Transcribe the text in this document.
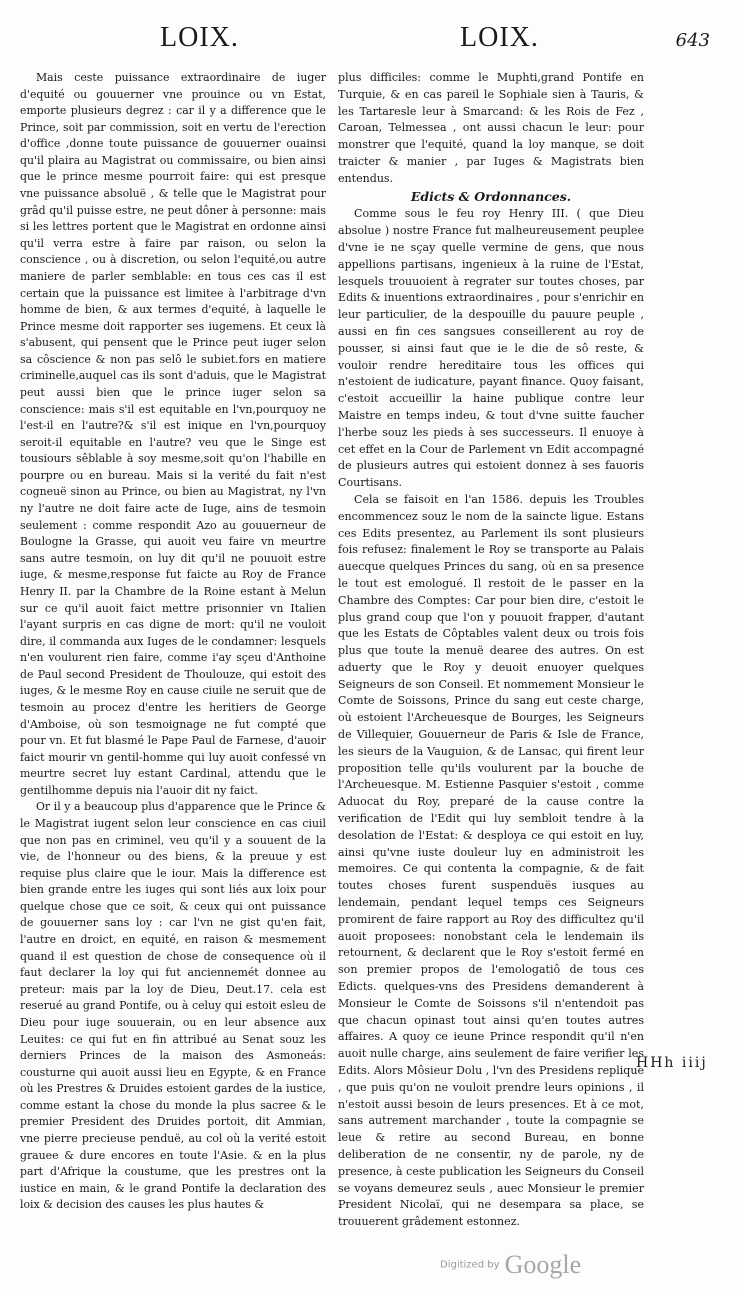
LOIX.	LOIX.	643

Mais ceste puissance extraordinaire de iuger d'equité ou gouuerner vne prouince ou vn Estat, emporte plusieurs degrez : car il y a difference que le Prince, soit par commission, soit en vertu de l'erection d'office ,donne toute puissance de gouuerner ouainsi qu'il plaira au Magistrat ou commissaire, ou bien ainsi que le prince mesme pourroit faire: qui est presque vne puissance absoluë , & telle que le Magistrat pour grâd qu'il puisse estre, ne peut dôner à personne: mais si les lettres portent que le Magistrat en ordonne ainsi qu'il verra estre à faire par raison, ou selon la conscience , ou à discretion, ou selon l'equité,ou autre maniere de parler semblable: en tous ces cas il est certain que la puissance est limitee à l'arbitrage d'vn homme de bien, & aux termes d'equité, à laquelle le Prince mesme doit rapporter ses iugemens. Et ceux là s'abusent, qui pensent que le Prince peut iuger selon sa côscience & non pas selô le subiet.fors en matiere criminelle,auquel cas ils sont d'aduis, que le Magistrat peut aussi bien que le prince iuger selon sa conscience: mais s'il est equitable en l'vn,pourquoy ne l'est-il en l'autre?& s'il est inique en l'vn,pourquoy seroit-il equitable en l'autre? veu que le Singe est tousiours sêblable à soy mesme,soit qu'on l'habille en pourpre ou en bureau. Mais si la verité du fait n'est cogneuë sinon au Prince, ou bien au Magistrat, ny l'vn ny l'autre ne doit faire acte de Iuge, ains de tesmoin seulement : comme respondit Azo au gouuerneur de Boulogne la Grasse, qui auoit veu faire vn meurtre sans autre tesmoin, on luy dit qu'il ne pouuoit estre iuge, & mesme,response fut faicte au Roy de France Henry II. par la Chambre de la Roine estant à Melun sur ce qu'il auoit faict mettre prisonnier vn Italien l'ayant surpris en cas digne de mort: qu'il ne vouloit dire, il commanda aux Iuges de le condamner: lesquels n'en voulurent rien faire, comme i'ay sçeu d'Anthoine de Paul second President de Thoulouze, qui estoit des iuges, & le mesme Roy en cause ciuile ne seruit que de tesmoin au procez d'entre les heritiers de George d'Amboise, où son tesmoignage ne fut compté que pour vn. Et fut blasmé le Pape Paul de Farnese, d'auoir faict mourir vn gentil-homme qui luy auoit confessé vn meurtre secret luy estant Cardinal, attendu que le gentilhomme depuis nia l'auoir dit ny faict.

Or il y a beaucoup plus d'apparence que le Prince & le Magistrat iugent selon leur conscience en cas ciuil que non pas en criminel, veu qu'il y a souuent de la vie, de l'honneur ou des biens, & la preuue y est requise plus claire que le iour. Mais la difference est bien grande entre les iuges qui sont liés aux loix pour quelque chose que ce soit, & ceux qui ont puissance de gouuerner sans loy : car l'vn ne gist qu'en fait, l'autre en droict, en equité, en raison & mesmement quand il est question de chose de consequence où il faut declarer la loy qui fut anciennemét donnee au preteur: mais par la loy de Dieu, Deut.17. cela est reserué au grand Pontife, ou à celuy qui estoit esleu de Dieu pour iuge souuerain, ou en leur absence aux Leuites: ce qui fut en fin attribué au Senat souz les derniers Princes de la maison des Asmoneás: cousturne qui auoit aussi lieu en Egypte, & en France où les Prestres & Druides estoient gardes de la iustice, comme estant la chose du monde la plus sacree & le premier President des Druides portoit, dit Ammian, vne pierre precieuse penduë, au col où la verité estoit grauee & dure encores en toute l'Asie. & en la plus part d'Afrique la coustume, que les prestres ont la iustice en main, & le grand Pontife la declaration des loix & decision des causes les plus hautes &

plus difficiles: comme le Muphti,grand Pontife en Turquie, & en cas pareil le Sophiale sien à Tauris, & les Tartaresle leur à Smarcand: & les Rois de Fez , Caroan, Telmessea , ont aussi chacun le leur: pour monstrer que l'equité, quand la loy manque, se doit traicter & manier , par Iuges & Magistrats bien entendus.

Edicts & Ordonnances.

Comme sous le feu roy Henry III. ( que Dieu absolue ) nostre France fut malheureusement peuplee d'vne ie ne sçay quelle vermine de gens, que nous appellions partisans, ingenieux à la ruine de l'Estat, lesquels trouuoient à regrater sur toutes choses, par Edits & inuentions extraordinaires , pour s'enrichir en leur particulier, de la despouille du pauure peuple , aussi en fin ces sangsues conseillerent au roy de pousser, si ainsi faut que ie le die de sô reste, & vouloir rendre hereditaire tous les offices qui n'estoient de iudicature, payant finance. Quoy faisant, c'estoit accueillir la haine publique contre leur Maistre en temps indeu, & tout d'vne suitte faucher l'herbe souz les pieds à ses successeurs. Il enuoye à cet effet en la Cour de Parlement vn Edit accompagné de plusieurs autres qui estoient donnez à ses fauoris Courtisans.

Cela se faisoit en l'an 1586. depuis les Troubles encommencez souz le nom de la saincte ligue. Estans ces Edits presentez, au Parlement ils sont plusieurs fois refusez: finalement le Roy se transporte au Palais auecque quelques Princes du sang, où en sa presence le tout est emologué. Il restoit de le passer en la Chambre des Comptes: Car pour bien dire, c'estoit le plus grand coup que l'on y pouuoit frapper, d'autant que les Estats de Côptables valent deux ou trois fois plus que toute la menuë dearee des autres. On est aduerty que le Roy y deuoit enuoyer quelques Seigneurs de son Conseil. Et nommement Monsieur le Comte de Soissons, Prince du sang eut ceste charge, où estoient l'Archeuesque de Bourges, les Seigneurs de Villequier, Gouuerneur de Paris & Isle de France, les sieurs de la Vauguion, & de Lansac, qui firent leur proposition telle qu'ils voulurent par la bouche de l'Archeuesque. M. Estienne Pasquier s'estoit , comme Aduocat du Roy, preparé de la cause contre la verification de l'Edit qui luy sembloit tendre à la desolation de l'Estat: & desploya ce qui estoit en luy, ainsi qu'vne iuste douleur luy en administroit les memoires. Ce qui contenta la compagnie, & de fait toutes choses furent suspenduës iusques au lendemain, pendant lequel temps ces Seigneurs promirent de faire rapport au Roy des difficultez qu'il auoit proposees: nonobstant cela le lendemain ils retournent, & declarent que le Roy s'estoit fermé en son premier propos de l'emologatiô de tous ces Edicts. quelques-vns des Presidens demanderent à Monsieur le Comte de Soissons s'il n'entendoit pas que chacun opinast tout ainsi qu'en toutes autres affaires. A quoy ce ieune Prince respondit qu'il n'en auoit nulle charge, ains seulement de faire verifier les Edits. Alors Môsieur Dolu , l'vn des Presidens replique , que puis qu'on ne vouloit prendre leurs opinions , il n'estoit aussi besoin de leurs presences. Et à ce mot, sans autrement marchander , toute la compagnie se leue & retire au second Bureau, en bonne deliberation de ne consentir, ny de parole, ny de presence, à ceste publication les Seigneurs du Conseil se voyans demeurez seuls , auec Monsieur le premier President Nicolaï, qui ne desempara sa place, se trouuerent grâdement estonnez.

HHh iiij
Digitized by Google
